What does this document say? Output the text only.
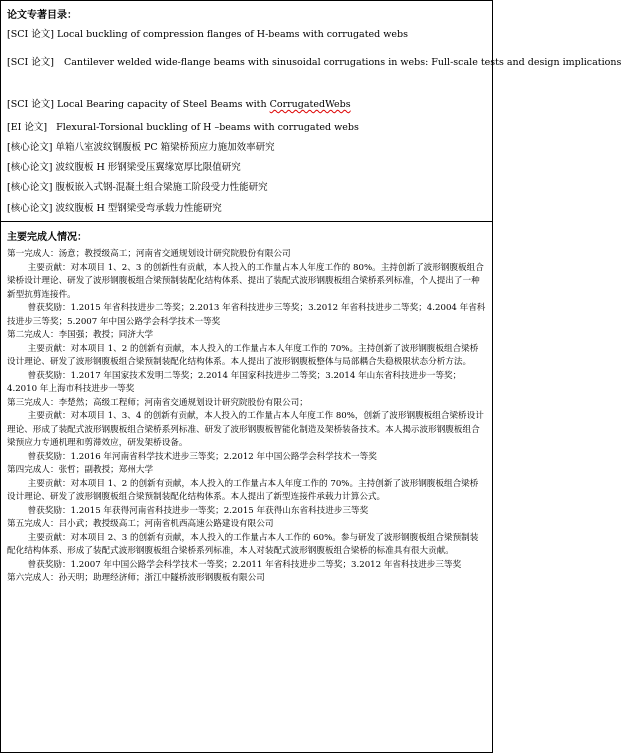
论文专著目录：
[SCI 论文] Local buckling of compression flanges of H-beams with corrugated webs
[SCI 论文] Cantilever welded wide-flange beams with sinusoidal corrugations in webs: Full-scale tests and design implications
[SCI 论文] Local Bearing capacity of Steel Beams with CorrugatedWebs
[EI 论文] Flexural-Torsional buckling of H –beams with corrugated webs
[核心论文] 单箱八室波纹钢腹板 PC 箱梁桥预应力施加效率研究
[核心论文] 波纹腹板 H 形钢梁受压翼缘宽厚比限值研究
[核心论文] 腹板嵌入式钢-混凝土组合梁施工阶段受力性能研究
[核心论文] 波纹腹板 H 型钢梁受弯承载力性能研究
主要完成人情况：

第一完成人：汤意；教授级高工；河南省交通规划设计研究院股份有限公司

主要贡献：对本项目 1、2、3 的创新性有贡献，本人投入的工作量占本人年度工作的 80%。主持创新了波形钢腹板组合梁桥设计理论、研发了波形钢腹板组合梁预制装配化结构体系、提出了装配式波形钢腹板组合梁桥系列标准，个人提出了一种新型抗剪连接件。

曾获奖励：1.2015 年省科技进步二等奖；2.2013 年省科技进步三等奖；3.2012 年省科技进步二等奖；4.2004 年省科技进步三等奖；5.2007 年中国公路学会科学技术一等奖

第二完成人：李国强；教授；同济大学

主要贡献：对本项目 1、2 的创新有贡献，本人投入的工作量占本人年度工作的 70%。主持创新了波形钢腹板组合梁桥设计理论、研发了波形钢腹板组合梁预制装配化结构体系。本人提出了波形钢腹板整体与局部耦合失稳极限状态分析方法。

曾获奖励：1.2017 年国家技术发明二等奖；2.2014 年国家科技进步二等奖；3.2014 年山东省科技进步一等奖；4.2010 年上海市科技进步一等奖

第三完成人：李楚然；高级工程师；河南省交通规划设计研究院股份有限公司；

主要贡献：对本项目 1、3、4 的创新有贡献，本人投入的工作量占本人年度工作 80%，创新了波形钢腹板组合梁桥设计理论、形成了装配式波形钢腹板组合梁桥系列标准、研发了波形钢腹板智能化制造及架桥装备技术。本人揭示波形钢腹板组合梁预应力专通机理和剪滞效应，研发架桥设备。

曾获奖励：1.2016 年河南省科学技术进步三等奖；2.2012 年中国公路学会科学技术一等奖

第四完成人：张哲；副教授；郑州大学

主要贡献：对本项目 1、2 的创新有贡献，本人投入的工作量占本人年度工作的 70%。主持创新了波形钢腹板组合梁桥设计理论、研发了波形钢腹板组合梁预制装配化结构体系。本人提出了新型连接件承载力计算公式。

曾获奖励：1.2015 年获得河南省科技进步一等奖；2.2015 年获得山东省科技进步三等奖

第五完成人：吕小武；教授级高工；河南省机西高速公路建设有限公司

主要贡献：对本项目 2、3 的创新有贡献，本人投入的工作量占本人工作的 60%。参与研发了波形钢腹板组合梁预制装配化结构体系、形成了装配式波形钢腹板组合梁桥系列标准，本人对装配式波形钢腹板组合梁桥的标准具有很大贡献。

曾获奖励：1.2007 年中国公路学会科学技术一等奖；2.2011 年省科技进步二等奖；3.2012 年省科技进步三等奖

第六完成人：孙天明；助理经济师；浙江中隧桥波形钢腹板有限公司
